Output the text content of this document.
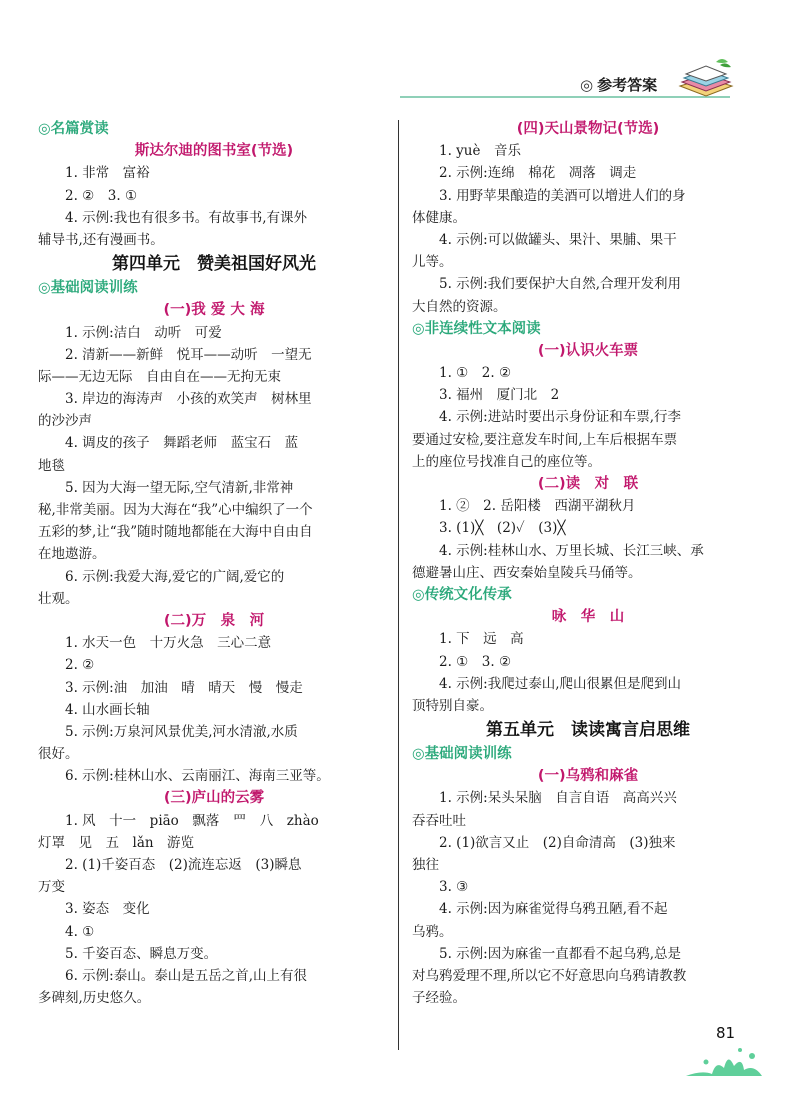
◎ 参考答案
◎名篇赏读
斯达尔迪的图书室(节选)
1. 非常　富裕
2. ②　3. ①
4. 示例:我也有很多书。有故事书,有课外
辅导书,还有漫画书。
第四单元　赞美祖国好风光
◎基础阅读训练
(一)我 爱 大 海
1. 示例:洁白　动听　可爱
2. 清新——新鲜　悦耳——动听　一望无
际——无边无际　自由自在——无拘无束
3. 岸边的海涛声　小孩的欢笑声　树林里
的沙沙声
4. 调皮的孩子　舞蹈老师　蓝宝石　蓝
地毯
5. 因为大海一望无际,空气清新,非常神
秘,非常美丽。因为大海在“我”心中编织了一个
五彩的梦,让“我”随时随地都能在大海中自由自
在地遨游。
6. 示例:我爱大海,爱它的广阔,爱它的
壮观。
(二)万　泉　河
1. 水天一色　十万火急　三心二意
2. ②
3. 示例:油　加油　晴　晴天　慢　慢走
4. 山水画长轴
5. 示例:万泉河风景优美,河水清澈,水质
很好。
6. 示例:桂林山水、云南丽江、海南三亚等。
(三)庐山的云雾
1. 风　十一　piāo　飘落　罒　八　zhào
灯罩　见　五　lǎn　游览
2. (1)千姿百态　(2)流连忘返　(3)瞬息
万变
3. 姿态　变化
4. ①
5. 千姿百态、瞬息万变。
6. 示例:泰山。泰山是五岳之首,山上有很
多碑刻,历史悠久。
(四)天山景物记(节选)
1. yuè　音乐
2. 示例:连绵　棉花　凋落　调走
3. 用野苹果酿造的美酒可以增进人们的身
体健康。
4. 示例:可以做罐头、果汁、果脯、果干
儿等。
5. 示例:我们要保护大自然,合理开发利用
大自然的资源。
◎非连续性文本阅读
(一)认识火车票
1. ①　2. ②
3. 福州　厦门北　2
4. 示例:进站时要出示身份证和车票,行李
要通过安检,要注意发车时间,上车后根据车票
上的座位号找准自己的座位等。
(二)读　对　联
1. ②　2. 岳阳楼　西湖平湖秋月
3. (1)╳　(2)✓　(3)╳
4. 示例:桂林山水、万里长城、长江三峡、承
德避暑山庄、西安秦始皇陵兵马俑等。
◎传统文化传承
咏　华　山
1. 下　远　高
2. ①　3. ②
4. 示例:我爬过泰山,爬山很累但是爬到山
顶特别自豪。
第五单元　读读寓言启思维
◎基础阅读训练
(一)乌鸦和麻雀
1. 示例:呆头呆脑　自言自语　高高兴兴
吞吞吐吐
2. (1)欲言又止　(2)自命清高　(3)独来
独往
3. ③
4. 示例:因为麻雀觉得乌鸦丑陋,看不起
乌鸦。
5. 示例:因为麻雀一直都看不起乌鸦,总是
对乌鸦爱理不理,所以它不好意思向乌鸦请教教
子经验。
81
